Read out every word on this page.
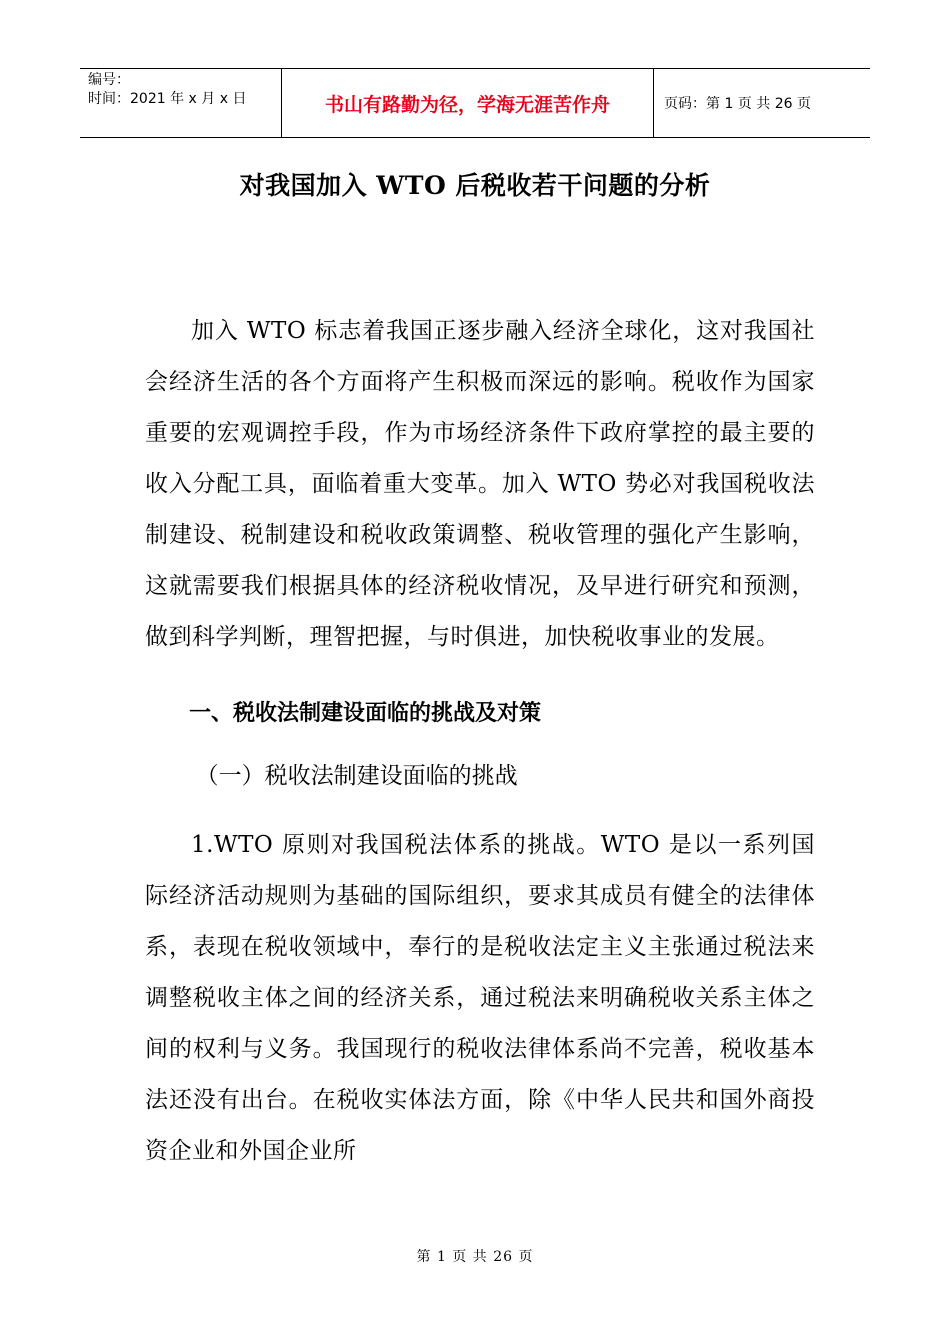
编号：
时间：2021 年 x 月 x 日	书山有路勤为径，学海无涯苦作舟	页码：第 1 页 共 26 页
对我国加入 WTO 后税收若干问题的分析

加入 WTO 标志着我国正逐步融入经济全球化，这对我国社会经济生活的各个方面将产生积极而深远的影响。税收作为国家重要的宏观调控手段，作为市场经济条件下政府掌控的最主要的收入分配工具，面临着重大变革。加入 WTO 势必对我国税收法制建设、税制建设和税收政策调整、税收管理的强化产生影响，这就需要我们根据具体的经济税收情况，及早进行研究和预测，做到科学判断，理智把握，与时俱进，加快税收事业的发展。

一、税收法制建设面临的挑战及对策

（一）税收法制建设面临的挑战

1.WTO 原则对我国税法体系的挑战。WTO 是以一系列国际经济活动规则为基础的国际组织，要求其成员有健全的法律体系，表现在税收领域中，奉行的是税收法定主义主张通过税法来调整税收主体之间的经济关系，通过税法来明确税收关系主体之间的权利与义务。我国现行的税收法律体系尚不完善，税收基本法还没有出台。在税收实体法方面，除《中华人民共和国外商投资企业和外国企业所

第 1 页 共 26 页
